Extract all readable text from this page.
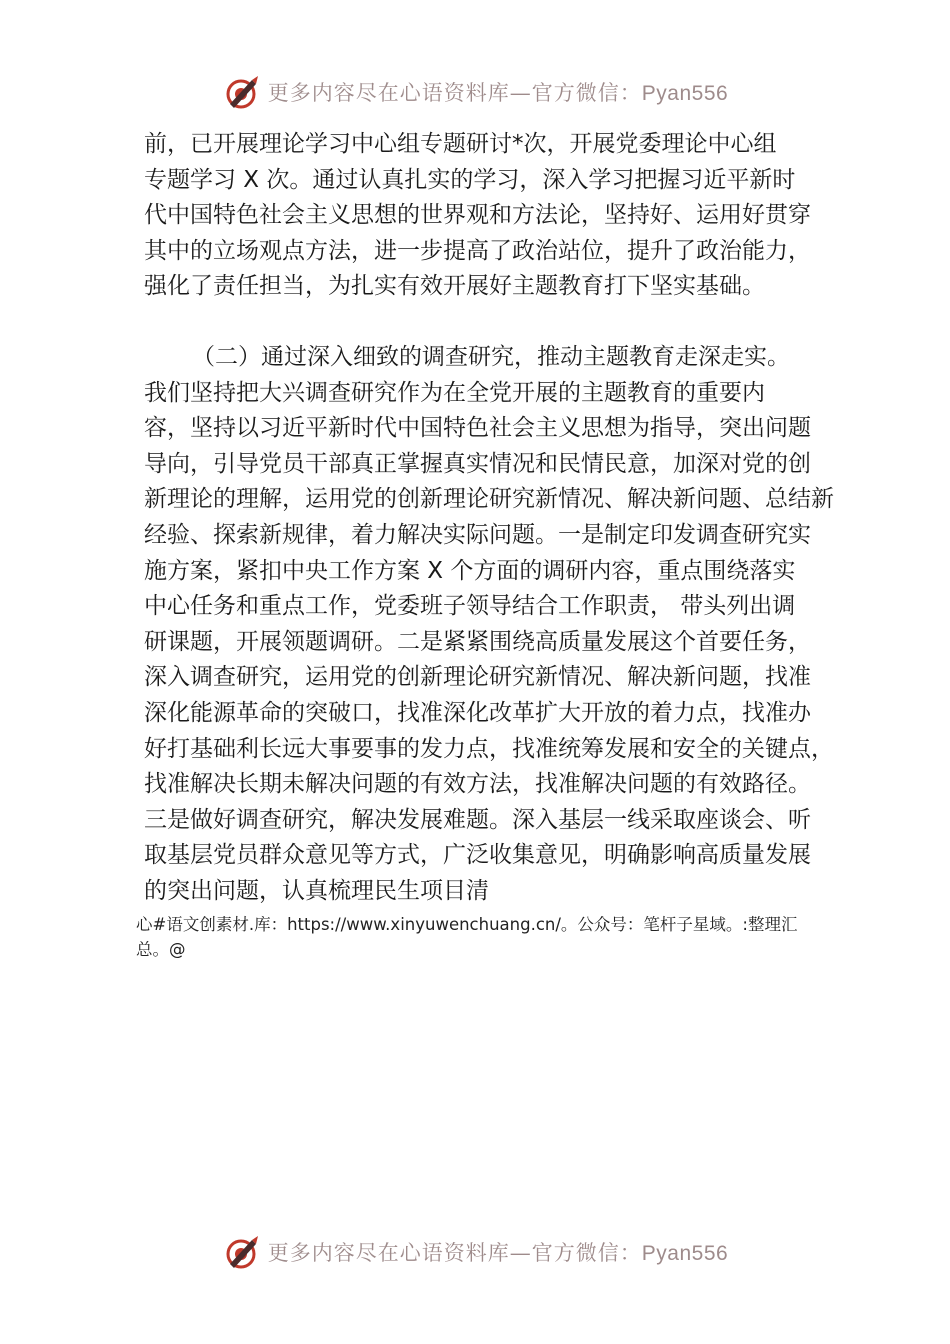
更多内容尽在心语资料库—官方微信：Pyan556
前，已开展理论学习中心组专题研讨*次，开展党委理论中心组
专题学习 X 次。通过认真扎实的学习，深入学习把握习近平新时
代中国特色社会主义思想的世界观和方法论，坚持好、运用好贯穿
其中的立场观点方法，进一步提高了政治站位，提升了政治能力，
强化了责任担当，为扎实有效开展好主题教育打下坚实基础。
（二）通过深入细致的调查研究，推动主题教育走深走实。
我们坚持把大兴调查研究作为在全党开展的主题教育的重要内
容，坚持以习近平新时代中国特色社会主义思想为指导，突出问题
导向，引导党员干部真正掌握真实情况和民情民意，加深对党的创
新理论的理解，运用党的创新理论研究新情况、解决新问题、总结新
经验、探索新规律，着力解决实际问题。一是制定印发调查研究实
施方案，紧扣中央工作方案 X 个方面的调研内容，重点围绕落实
中心任务和重点工作，党委班子领导结合工作职责， 带头列出调
研课题，开展领题调研。二是紧紧围绕高质量发展这个首要任务，
深入调查研究，运用党的创新理论研究新情况、解决新问题，找准
深化能源革命的突破口，找准深化改革扩大开放的着力点，找准办
好打基础利长远大事要事的发力点，找准统筹发展和安全的关键点，
找准解决长期未解决问题的有效方法，找准解决问题的有效路径。
三是做好调查研究，解决发展难题。深入基层一线采取座谈会、听
取基层党员群众意见等方式，广泛收集意见，明确影响高质量发展
的突出问题，认真梳理民生项目清
心#语文创素材.库：https://www.xinyuwenchuang.cn/。公众号：笔杆子星域。:整理汇
总。@
更多内容尽在心语资料库—官方微信：Pyan556
